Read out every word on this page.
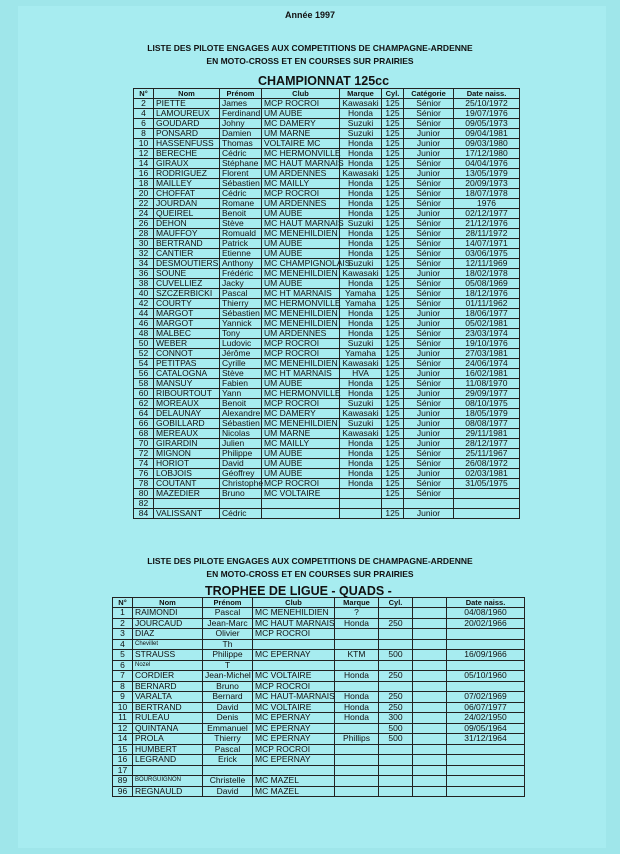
Année 1997
LISTE DES PILOTE ENGAGES AUX COMPETITIONS DE CHAMPAGNE-ARDENNE
EN MOTO-CROSS ET EN COURSES SUR PRAIRIES
CHAMPIONNAT 125cc
N°	Nom	Prénom	Club	Marque	Cyl.	Catégorie	Date naiss.
2	PIETTE	James	MCP ROCROI	Kawasaki	125	Sénior	25/10/1972
4	LAMOUREUX	Ferdinand	UM AUBE	Honda	125	Sénior	19/07/1976
6	GOUDARD	Johny	MC DAMERY	Suzuki	125	Sénior	09/05/1973
8	PONSARD	Damien	UM MARNE	Suzuki	125	Junior	09/04/1981
10	HASSENFUSS	Thomas	VOLTAIRE MC	Honda	125	Junior	09/03/1980
12	BERECHE	Cédric	MC HERMONVILLE	Honda	125	Junior	17/12/1980
14	GIRAUX	Stéphane	MC HAUT MARNAIS	Honda	125	Sénior	04/04/1976
16	RODRIGUEZ	Florent	UM ARDENNES	Kawasaki	125	Junior	13/05/1979
18	MAILLEY	Sébastien	MC MAILLY	Honda	125	Sénior	20/09/1973
20	CHOFFAT	Cédric	MCP ROCROI	Honda	125	Sénior	18/07/1978
22	JOURDAN	Romane	UM ARDENNES	Honda	125	Sénior	1976
24	QUEIREL	Benoit	UM AUBE	Honda	125	Junior	02/12/1977
26	DEHON	Stève	MC HAUT MARNAIS	Suzuki	125	Sénior	21/12/1976
28	MAUFFOY	Romuald	MC MENEHILDIEN	Honda	125	Sénior	28/11/1972
30	BERTRAND	Patrick	UM AUBE	Honda	125	Sénior	14/07/1971
32	CANTIER	Etienne	UM AUBE	Honda	125	Sénior	03/06/1975
34	DESMOUTIERS	Anthony	MC CHAMPIGNOLAIS	Suzuki	125	Sénior	12/11/1969
36	SOUNE	Frédéric	MC MENEHILDIEN	Kawasaki	125	Junior	18/02/1978
38	CUVELLIEZ	Jacky	UM AUBE	Honda	125	Sénior	05/08/1969
40	SZCZERBICKI	Pascal	MC HT MARNAIS	Yamaha	125	Sénior	18/12/1976
42	COURTY	Thierry	MC HERMONVILLE	Yamaha	125	Sénior	01/11/1962
44	MARGOT	Sébastien	MC MENEHILDIEN	Honda	125	Junior	18/06/1977
46	MARGOT	Yannick	MC MENEHILDIEN	Honda	125	Junior	05/02/1981
48	MALBEC	Tony	UM ARDENNES	Honda	125	Sénior	23/03/1974
50	WEBER	Ludovic	MCP ROCROI	Suzuki	125	Sénior	19/10/1976
52	CONNOT	Jérôme	MCP ROCROI	Yamaha	125	Junior	27/03/1981
54	PETITPAS	Cyrille	MC MENEHILDIEN	Kawasaki	125	Sénior	24/06/1974
56	CATALOGNA	Stève	MC HT MARNAIS	HVA	125	Junior	16/02/1981
58	MANSUY	Fabien	UM AUBE	Honda	125	Sénior	11/08/1970
60	RIBOURTOUT	Yann	MC HERMONVILLE	Honda	125	Junior	29/09/1977
62	MOREAUX	Benoit	MCP ROCROI	Suzuki	125	Sénior	08/10/1975
64	DELAUNAY	Alexandre	MC DAMERY	Kawasaki	125	Junior	18/05/1979
66	GOBILLARD	Sébastien	MC MENEHILDIEN	Suzuki	125	Junior	08/08/1977
68	MEREAUX	Nicolas	UM MARNE	Kawasaki	125	Junior	29/11/1981
70	GIRARDIN	Julien	MC MAILLY	Honda	125	Junior	28/12/1977
72	MIGNON	Philippe	UM AUBE	Honda	125	Sénior	25/11/1967
74	HORIOT	David	UM AUBE	Honda	125	Sénior	26/08/1972
76	LOBJOIS	Géoffrey	UM AUBE	Honda	125	Junior	02/03/1981
78	COUTANT	Christophe	MCP ROCROI	Honda	125	Sénior	31/05/1975
80	MAZEDIER	Bruno	MC VOLTAIRE		125	Sénior	
82							
84	VALISSANT	Cédric			125	Junior	
LISTE DES PILOTE ENGAGES AUX COMPETITIONS DE CHAMPAGNE-ARDENNE
EN MOTO-CROSS ET EN COURSES SUR PRAIRIES
TROPHEE DE LIGUE - QUADS -
N°	Nom	Prénom	Club	Marque	Cyl.		Date naiss.
1	RAIMONDI	Pascal	MC MENEHILDIEN	?			04/08/1960
2	JOURCAUD	Jean-Marc	MC HAUT MARNAIS	Honda	250		20/02/1966
3	DIAZ	Olivier	MCP ROCROI				
4	Chevillet	Th					
5	STRAUSS	Philippe	MC EPERNAY	KTM	500		16/09/1966
6	Nozel	T					
7	CORDIER	Jean-Michel	MC VOLTAIRE	Honda	250		05/10/1960
8	BERNARD	Bruno	MCP ROCROI				
9	VARALTA	Bernard	MC HAUT-MARNAIS	Honda	250		07/02/1969
10	BERTRAND	David	MC VOLTAIRE	Honda	250		06/07/1977
11	RULEAU	Denis	MC EPERNAY	Honda	300		24/02/1950
12	QUINTANA	Emmanuel	MC EPERNAY		500		09/05/1964
14	PROLA	Thierry	MC EPERNAY	Phillips	500		31/12/1964
15	HUMBERT	Pascal	MCP ROCROI				
16	LEGRAND	Erick	MC EPERNAY				
17							
89	BOURGUIGNON	Christelle	MC MAZEL				
96	REGNAULD	David	MC MAZEL				
